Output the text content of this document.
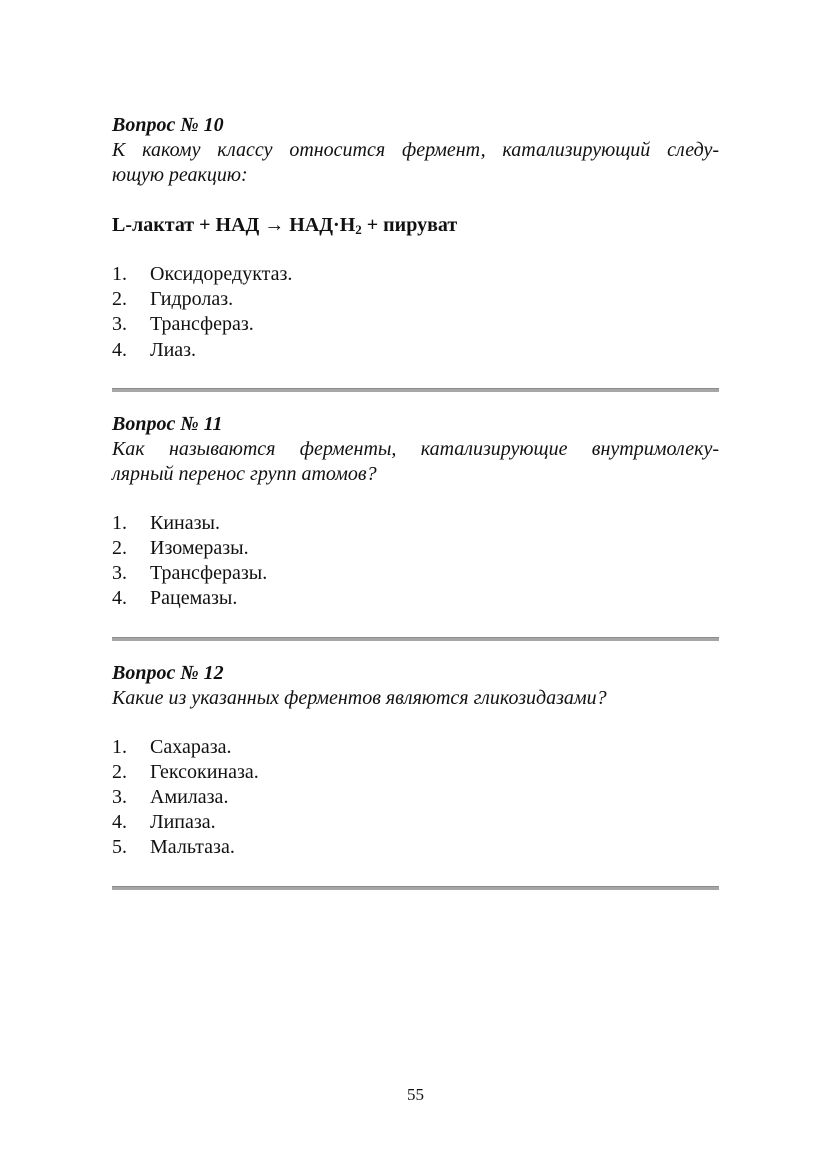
Вопрос № 10

К какому классу относится фермент, катализирующий следу-
ющую реакцию:

L-лактат + НАД → $НАД\cdot Н_2$ + пируват

1.	Оксидоредуктаз.
2.	Гидролаз.
3.	Трансфераз.
4.	Лиаз.

Вопрос № 11

Как называются ферменты, катализирующие внутримолеку-
лярный перенос групп атомов?

1.	Киназы.
2.	Изомеразы.
3.	Трансферазы.
4.	Рацемазы.

Вопрос № 12

Какие из указанных ферментов являются гликозидазами?

1.	Сахараза.
2.	Гексокиназа.
3.	Амилаза.
4.	Липаза.
5.	Мальтаза.
55
